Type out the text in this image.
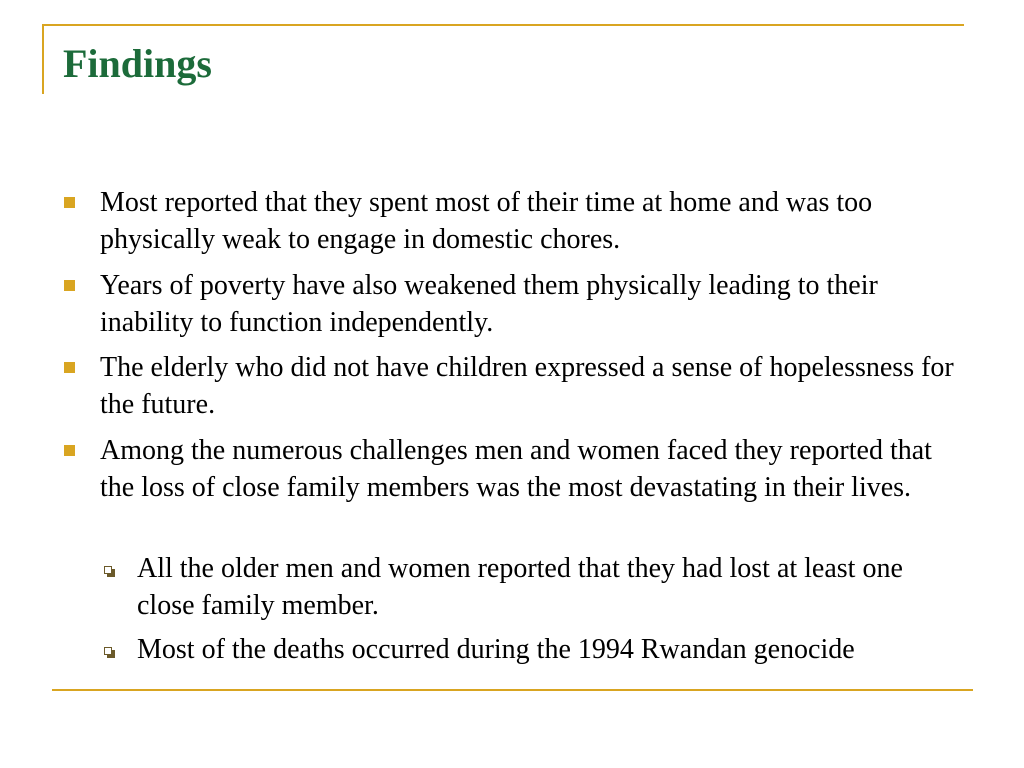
Findings
Most reported that they spent most of their time at home and was too physically weak to engage in domestic chores.
Years of poverty have also weakened them physically leading to their inability to function independently.
The elderly who did not have children expressed a sense of hopelessness for the future.
Among the numerous challenges men and women faced they reported that the loss of close family members was the most devastating in their lives.
All the older men and women reported that they had lost at least one close family member.
Most of the deaths occurred during the 1994 Rwandan genocide
